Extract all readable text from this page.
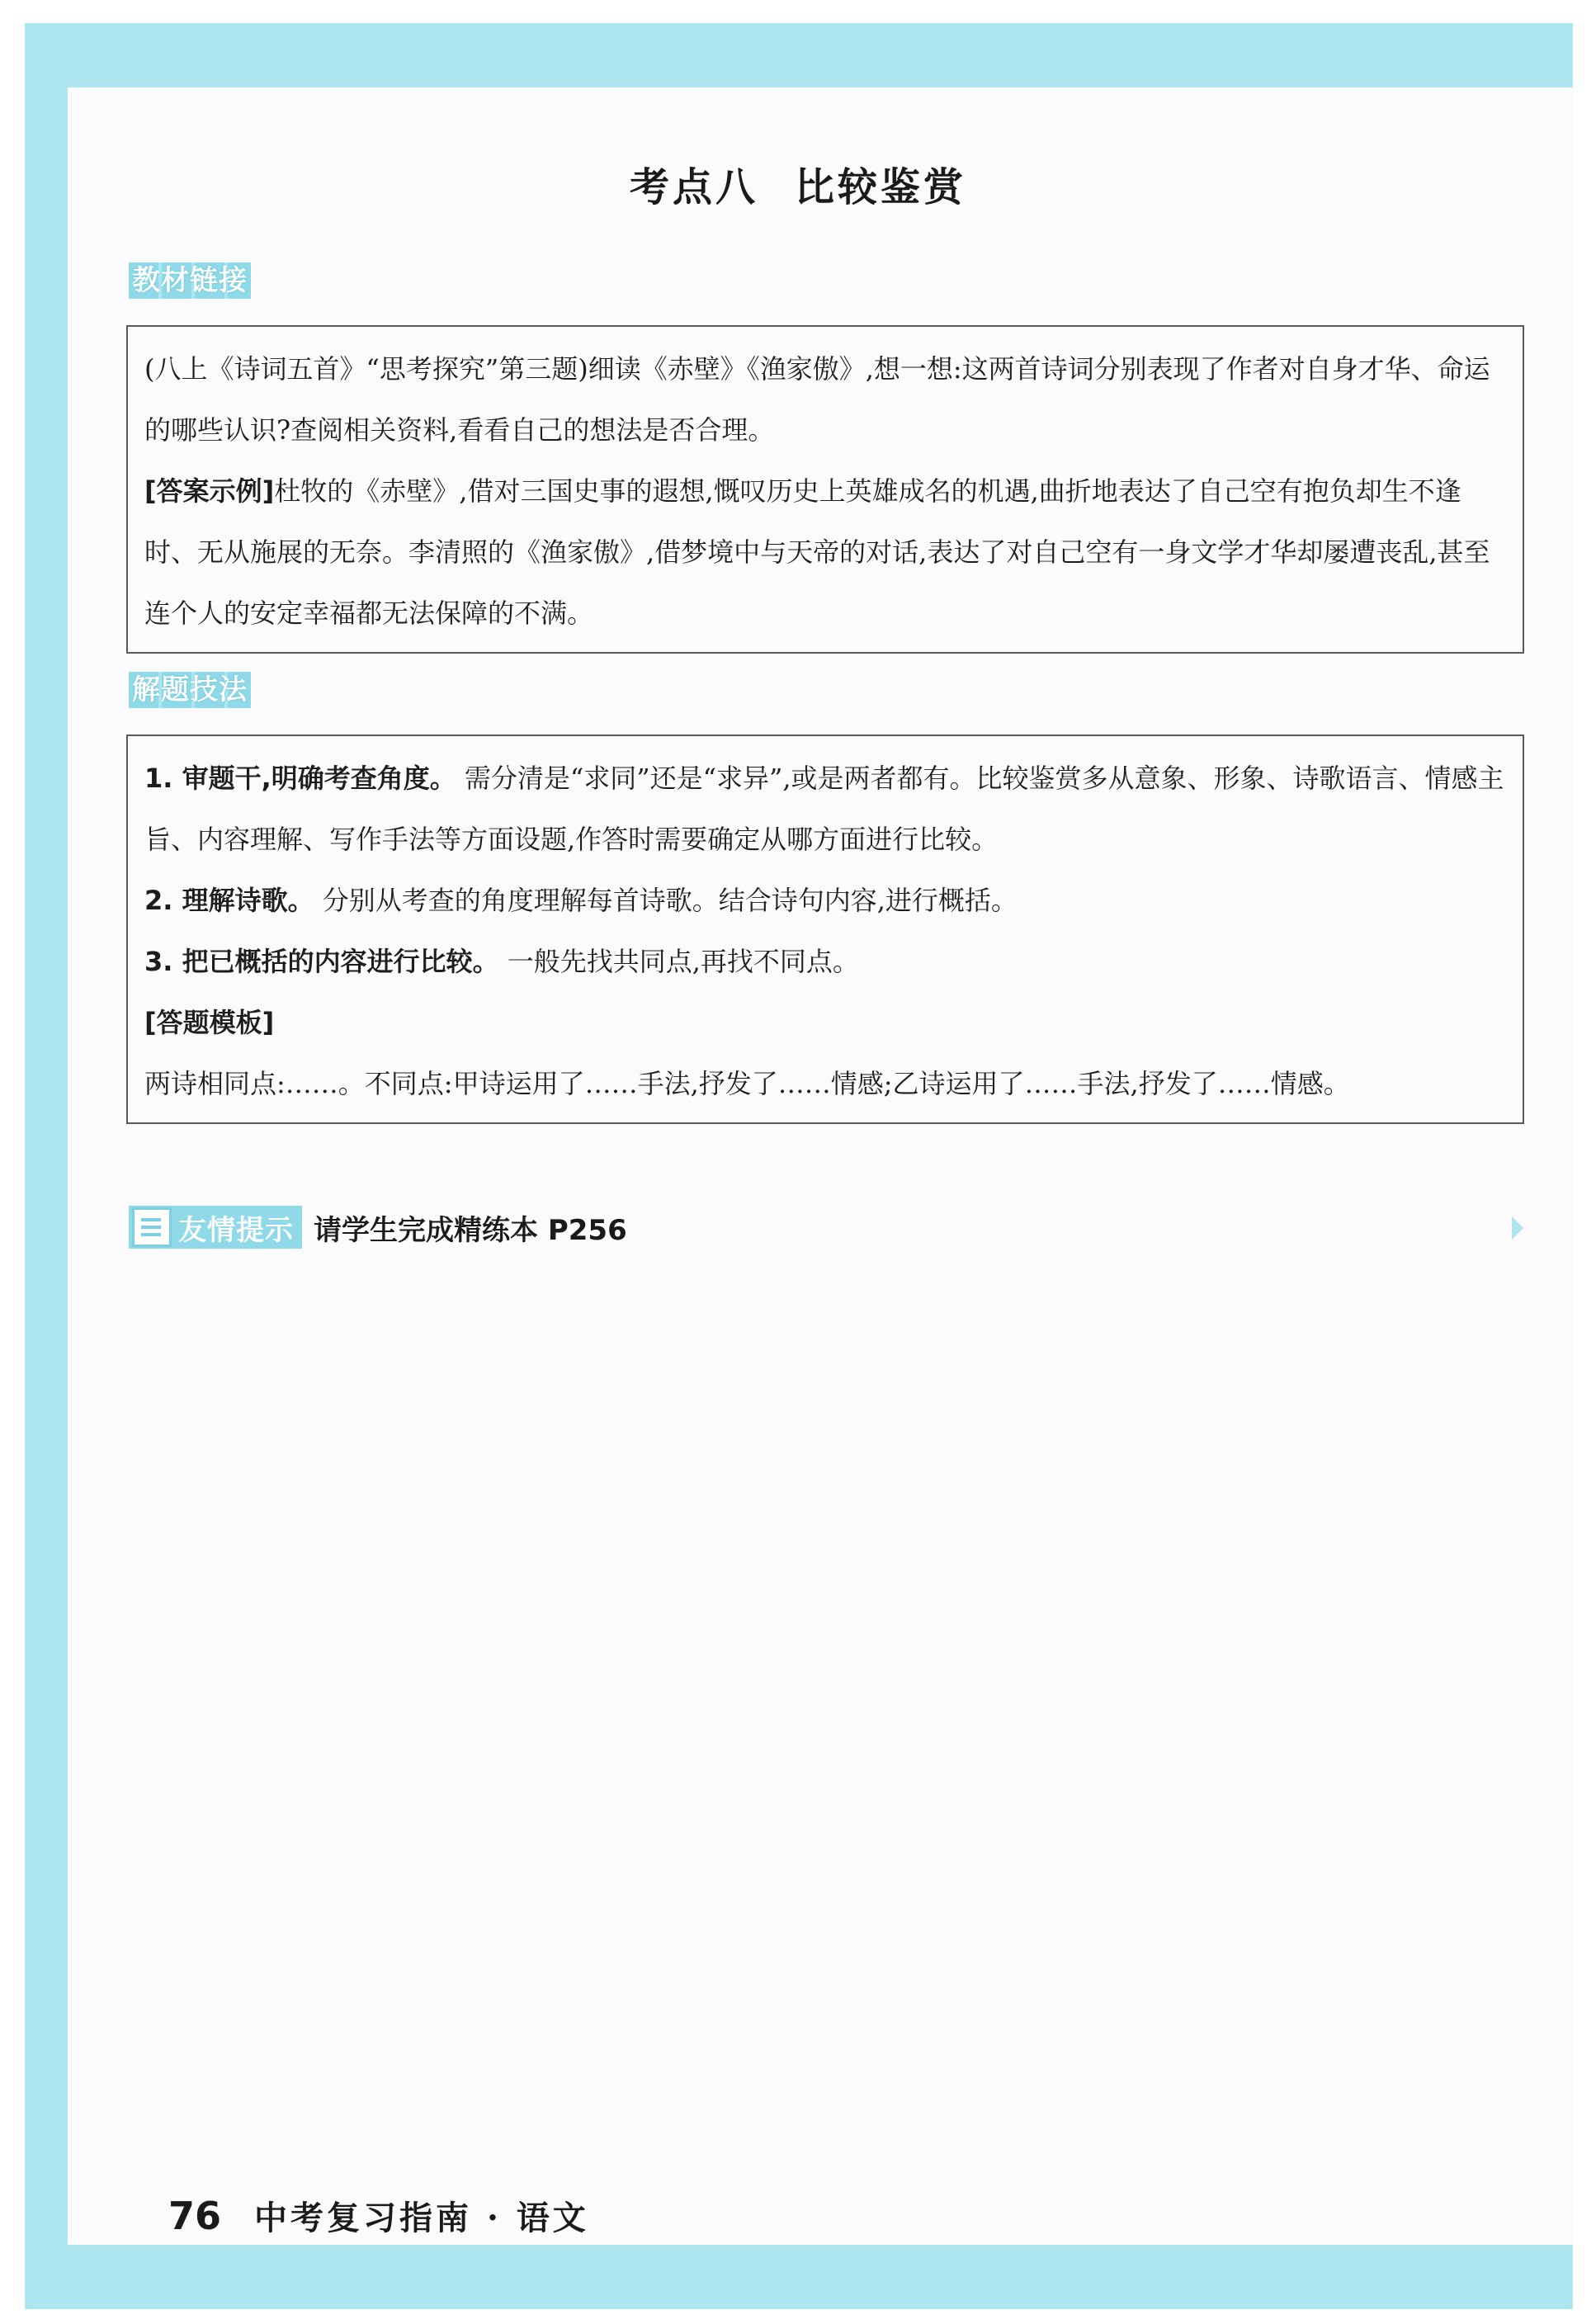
考点八 比较鉴赏
教材链接

(八上《诗词五首》“思考探究”第三题)细读《赤壁》《渔家傲》,想一想:这两首诗词分别表现了作者对自身才华、命运的哪些认识?查阅相关资料,看看自己的想法是否合理。

[答案示例]杜牧的《赤壁》,借对三国史事的遐想,慨叹历史上英雄成名的机遇,曲折地表达了自己空有抱负却生不逢时、无从施展的无奈。李清照的《渔家傲》,借梦境中与天帝的对话,表达了对自己空有一身文学才华却屡遭丧乱,甚至连个人的安定幸福都无法保障的不满。

解题技法

1. 审题干,明确考查角度。 需分清是“求同”还是“求异”,或是两者都有。比较鉴赏多从意象、形象、诗歌语言、情感主旨、内容理解、写作手法等方面设题,作答时需要确定从哪方面进行比较。

2. 理解诗歌。 分别从考查的角度理解每首诗歌。结合诗句内容,进行概括。

3. 把已概括的内容进行比较。 一般先找共同点,再找不同点。

[答题模板]

两诗相同点:……。不同点:甲诗运用了……手法,抒发了……情感;乙诗运用了……手法,抒发了……情感。

友情提示 请学生完成精练本 P256
76 中考复习指南 · 语文
